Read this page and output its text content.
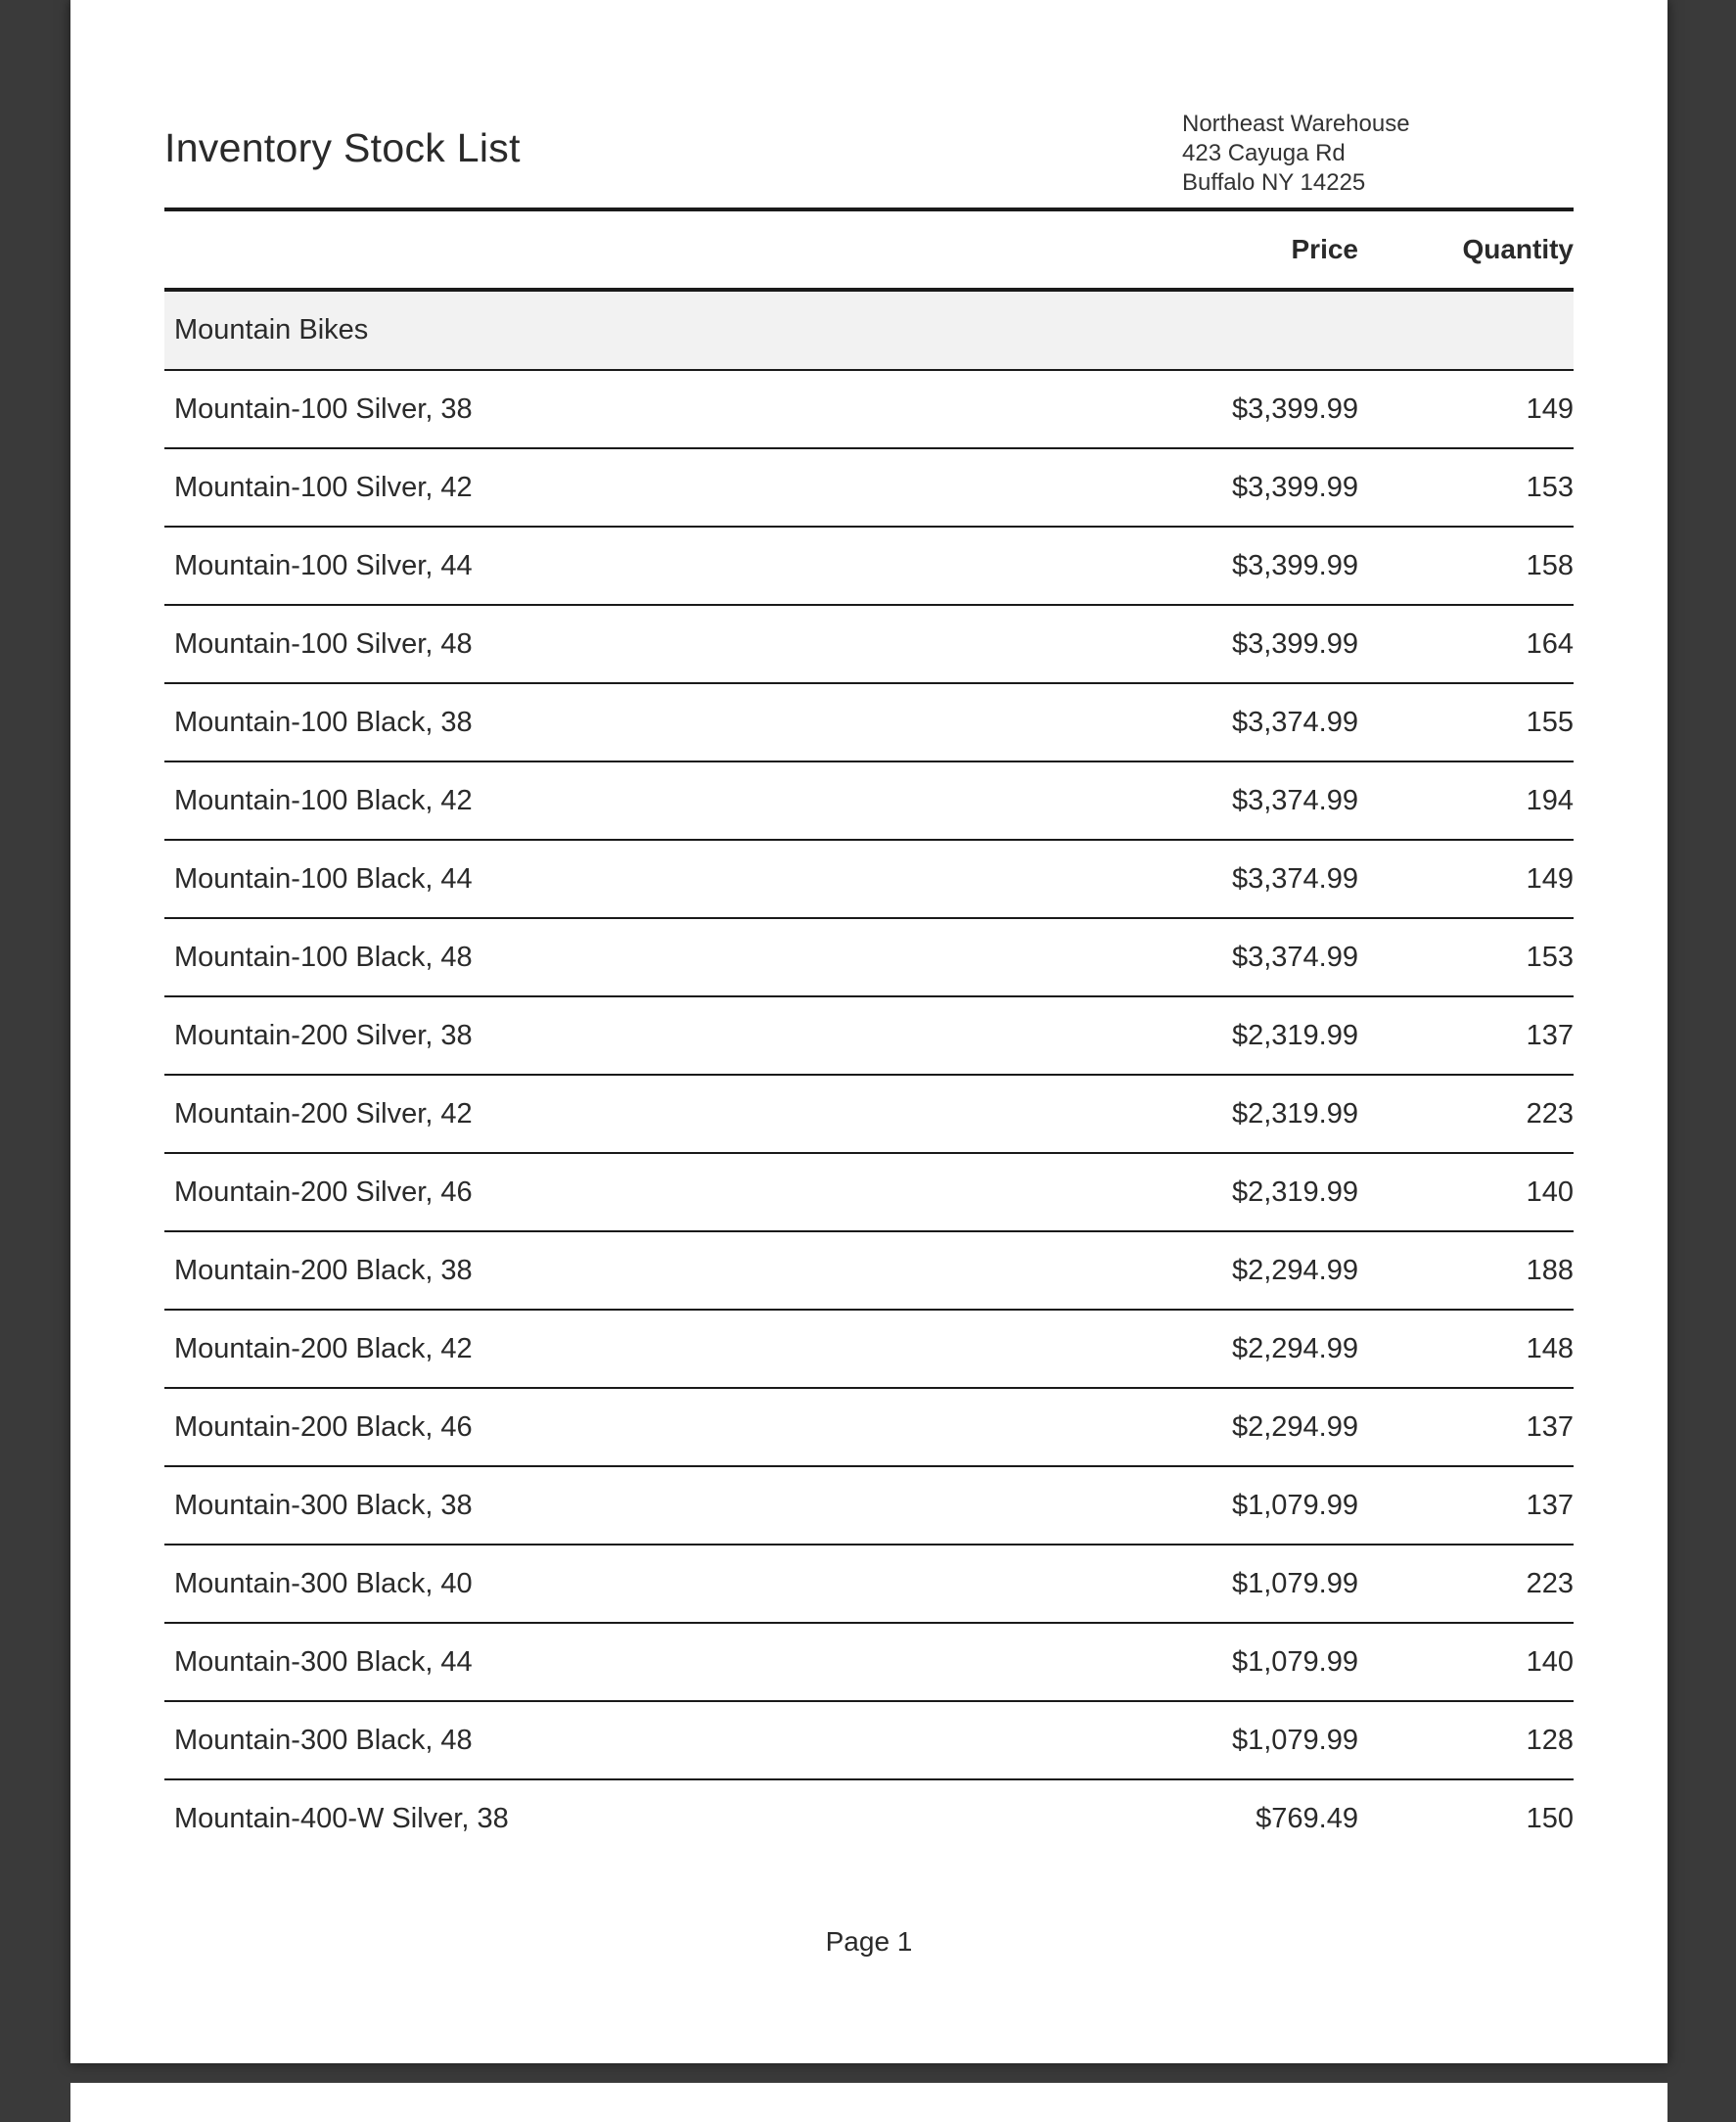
Inventory Stock List
Northeast Warehouse
423 Cayuga Rd
Buffalo NY 14225
	Price	Quantity
Mountain Bikes		
Mountain-100 Silver, 38	$3,399.99	149
Mountain-100 Silver, 42	$3,399.99	153
Mountain-100 Silver, 44	$3,399.99	158
Mountain-100 Silver, 48	$3,399.99	164
Mountain-100 Black, 38	$3,374.99	155
Mountain-100 Black, 42	$3,374.99	194
Mountain-100 Black, 44	$3,374.99	149
Mountain-100 Black, 48	$3,374.99	153
Mountain-200 Silver, 38	$2,319.99	137
Mountain-200 Silver, 42	$2,319.99	223
Mountain-200 Silver, 46	$2,319.99	140
Mountain-200 Black, 38	$2,294.99	188
Mountain-200 Black, 42	$2,294.99	148
Mountain-200 Black, 46	$2,294.99	137
Mountain-300 Black, 38	$1,079.99	137
Mountain-300 Black, 40	$1,079.99	223
Mountain-300 Black, 44	$1,079.99	140
Mountain-300 Black, 48	$1,079.99	128
Mountain-400-W Silver, 38	$769.49	150
Page 1
